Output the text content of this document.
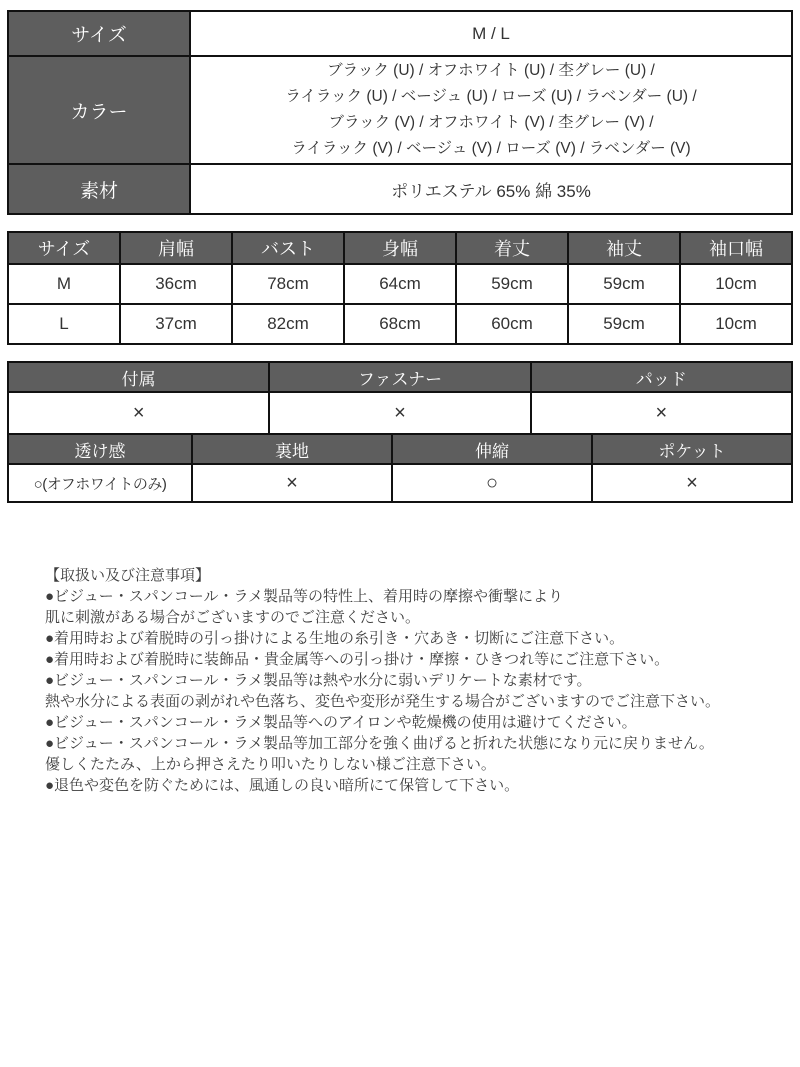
サイズ	M / L
カラー	ブラック (U) / オフホワイト (U) / 杢グレー (U) /
ライラック (U) / ベージュ (U) / ローズ (U) / ラベンダー (U) /
ブラック (V) / オフホワイト (V) / 杢グレー (V) /
ライラック (V) / ベージュ (V) / ローズ (V) / ラベンダー (V)

素材	ポリエステル 65% 綿 35%
サイズ	肩幅	バスト	身幅	着丈	袖丈	袖口幅
M	36cm	78cm	64cm	59cm	59cm	10cm
L	37cm	82cm	68cm	60cm	59cm	10cm
付属	ファスナー	パッド
×	×	×
透け感	裏地	伸縮	ポケット
○(オフホワイトのみ)	×	○	×
【取扱い及び注意事項】
●ビジュー・スパンコール・ラメ製品等の特性上、着用時の摩擦や衝撃により
肌に刺激がある場合がございますのでご注意ください。
●着用時および着脱時の引っ掛けによる生地の糸引き・穴あき・切断にご注意下さい。
●着用時および着脱時に装飾品・貴金属等への引っ掛け・摩擦・ひきつれ等にご注意下さい。
●ビジュー・スパンコール・ラメ製品等は熱や水分に弱いデリケートな素材です。
熱や水分による表面の剥がれや色落ち、変色や変形が発生する場合がございますのでご注意下さい。
●ビジュー・スパンコール・ラメ製品等へのアイロンや乾燥機の使用は避けてください。
●ビジュー・スパンコール・ラメ製品等加工部分を強く曲げると折れた状態になり元に戻りません。
優しくたたみ、上から押さえたり叩いたりしない様ご注意下さい。
●退色や変色を防ぐためには、風通しの良い暗所にて保管して下さい。
